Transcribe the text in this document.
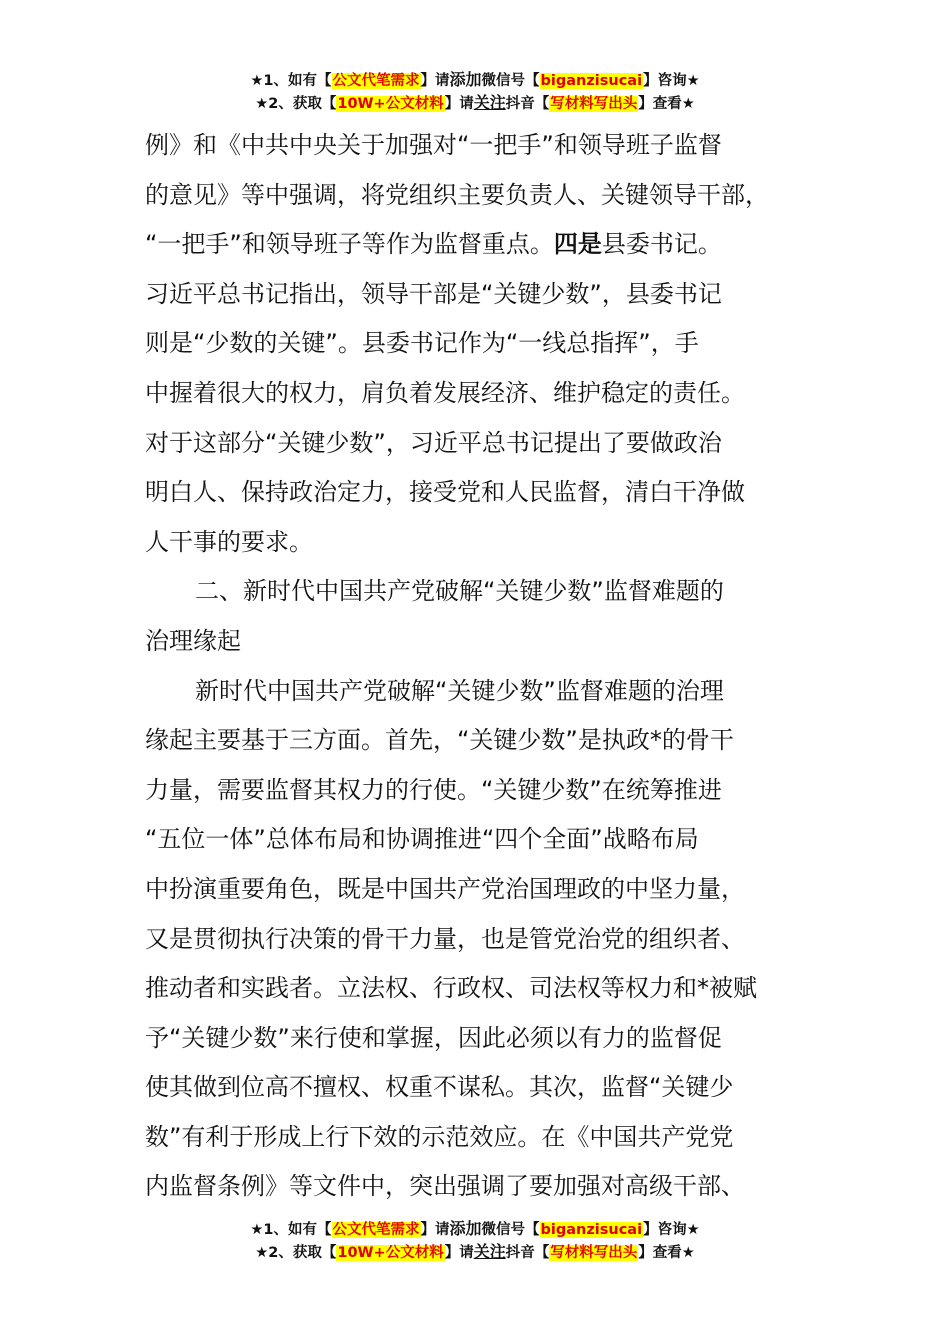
★1、如有【公文代笔需求】请添加微信号【biganzisucai】咨询★
★2、获取【10W+公文材料】请关注抖音【写材料写出头】查看★
例》和《中共中央关于加强对“一把手”和领导班子监督
的意见》等中强调，将党组织主要负责人、关键领导干部，
“一把手”和领导班子等作为监督重点。四是县委书记。
习近平总书记指出，领导干部是“关键少数”，县委书记
则是“少数的关键”。县委书记作为“一线总指挥”，手
中握着很大的权力，肩负着发展经济、维护稳定的责任。
对于这部分“关键少数”，习近平总书记提出了要做政治
明白人、保持政治定力，接受党和人民监督，清白干净做
人干事的要求。
二、新时代中国共产党破解“关键少数”监督难题的
治理缘起
新时代中国共产党破解“关键少数”监督难题的治理
缘起主要基于三方面。首先，“关键少数”是执政*的骨干
力量，需要监督其权力的行使。“关键少数”在统筹推进
“五位一体”总体布局和协调推进“四个全面”战略布局
中扮演重要角色，既是中国共产党治国理政的中坚力量，
又是贯彻执行决策的骨干力量，也是管党治党的组织者、
推动者和实践者。立法权、行政权、司法权等权力和*被赋
予“关键少数”来行使和掌握，因此必须以有力的监督促
使其做到位高不擅权、权重不谋私。其次，监督“关键少
数”有利于形成上行下效的示范效应。在《中国共产党党
内监督条例》等文件中，突出强调了要加强对高级干部、
★1、如有【公文代笔需求】请添加微信号【biganzisucai】咨询★
★2、获取【10W+公文材料】请关注抖音【写材料写出头】查看★
